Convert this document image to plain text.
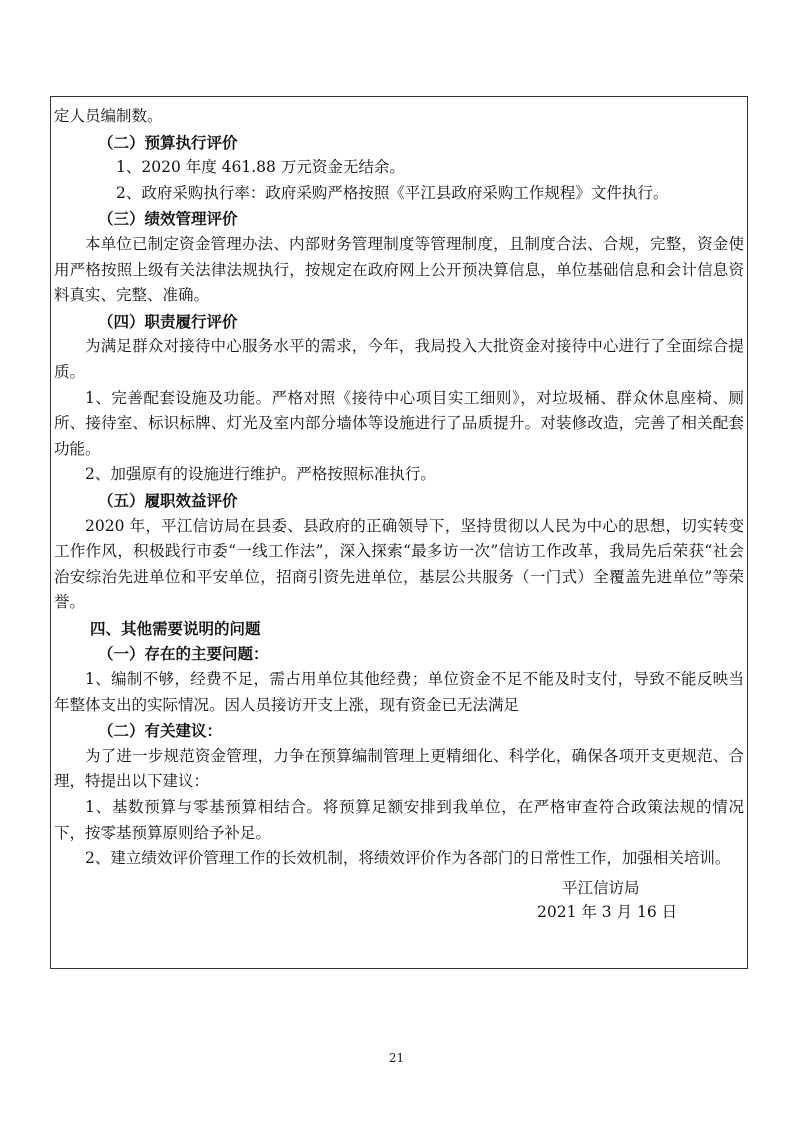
定人员编制数。

（二）预算执行评价

1、2020 年度 461.88 万元资金无结余。

2、政府采购执行率：政府采购严格按照《平江县政府采购工作规程》文件执行。

（三）绩效管理评价

本单位已制定资金管理办法、内部财务管理制度等管理制度，且制度合法、合规，完整，资金使用严格按照上级有关法律法规执行，按规定在政府网上公开预决算信息，单位基础信息和会计信息资料真实、完整、准确。

（四）职责履行评价

为满足群众对接待中心服务水平的需求，今年，我局投入大批资金对接待中心进行了全面综合提质。

1、完善配套设施及功能。严格对照《接待中心项目实工细则》，对垃圾桶、群众休息座椅、厕所、接待室、标识标牌、灯光及室内部分墙体等设施进行了品质提升。对装修改造，完善了相关配套功能。

2、加强原有的设施进行维护。严格按照标准执行。

（五）履职效益评价

2020 年，平江信访局在县委、县政府的正确领导下，坚持贯彻以人民为中心的思想，切实转变工作作风，积极践行市委“一线工作法”，深入探索“最多访一次”信访工作改革，我局先后荣获“社会治安综治先进单位和平安单位，招商引资先进单位，基层公共服务（一门式）全覆盖先进单位”等荣誉。

四、其他需要说明的问题

（一）存在的主要问题：

1、编制不够，经费不足，需占用单位其他经费；单位资金不足不能及时支付，导致不能反映当年整体支出的实际情况。因人员接访开支上涨，现有资金已无法满足

（二）有关建议：

为了进一步规范资金管理，力争在预算编制管理上更精细化、科学化，确保各项开支更规范、合理，特提出以下建议：

1、基数预算与零基预算相结合。将预算足额安排到我单位，在严格审查符合政策法规的情况下，按零基预算原则给予补足。

2、建立绩效评价管理工作的长效机制，将绩效评价作为各部门的日常性工作，加强相关培训。

平江信访局
2021 年 3 月 16 日
21
